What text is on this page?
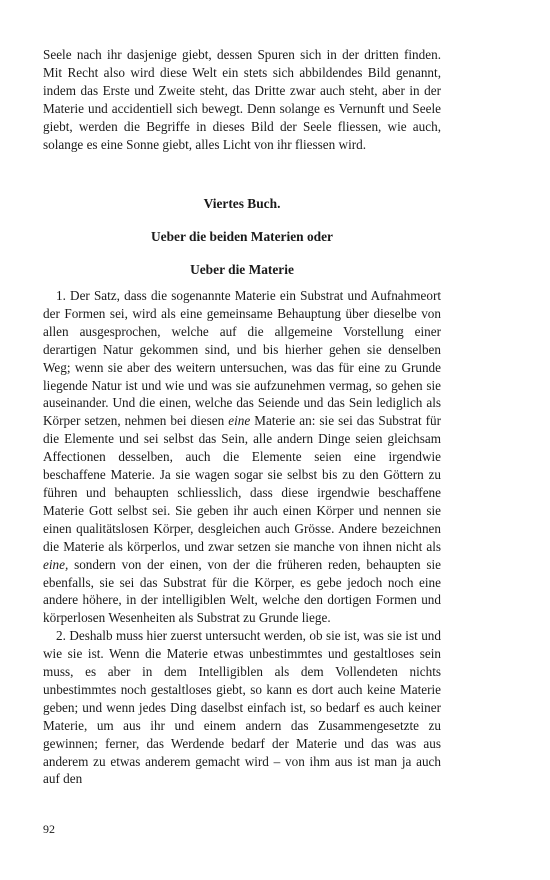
Seele nach ihr dasjenige giebt, dessen Spuren sich in der dritten finden. Mit Recht also wird diese Welt ein stets sich abbildendes Bild genannt, indem das Erste und Zweite steht, das Dritte zwar auch steht, aber in der Materie und accidentiell sich bewegt. Denn solange es Vernunft und Seele giebt, werden die Begriffe in dieses Bild der Seele fliessen, wie auch, solange es eine Sonne giebt, alles Licht von ihr fliessen wird.

Viertes Buch.

Ueber die beiden Materien oder

Ueber die Materie

1. Der Satz, dass die sogenannte Materie ein Substrat und Aufnahmeort der Formen sei, wird als eine gemeinsame Behauptung über dieselbe von allen ausgesprochen, welche auf die allgemeine Vorstellung einer derartigen Natur gekommen sind, und bis hierher gehen sie denselben Weg; wenn sie aber des weitern untersuchen, was das für eine zu Grunde liegende Natur ist und wie und was sie aufzunehmen vermag, so gehen sie auseinander. Und die einen, welche das Seiende und das Sein lediglich als Körper setzen, nehmen bei diesen eine Materie an: sie sei das Substrat für die Elemente und sei selbst das Sein, alle andern Dinge seien gleichsam Affectionen desselben, auch die Elemente seien eine irgendwie beschaffene Materie. Ja sie wagen sogar sie selbst bis zu den Göttern zu führen und behaupten schliesslich, dass diese irgendwie beschaffene Materie Gott selbst sei. Sie geben ihr auch einen Körper und nennen sie einen qualitätslosen Körper, desgleichen auch Grösse. Andere bezeichnen die Materie als körperlos, und zwar setzen sie manche von ihnen nicht als eine, sondern von der einen, von der die früheren reden, behaupten sie ebenfalls, sie sei das Substrat für die Körper, es gebe jedoch noch eine andere höhere, in der intelligiblen Welt, welche den dortigen Formen und körperlosen Wesenheiten als Substrat zu Grunde liege.

2. Deshalb muss hier zuerst untersucht werden, ob sie ist, was sie ist und wie sie ist. Wenn die Materie etwas unbestimmtes und gestaltloses sein muss, es aber in dem Intelligiblen als dem Vollendeten nichts unbestimmtes noch gestaltloses giebt, so kann es dort auch keine Materie geben; und wenn jedes Ding daselbst einfach ist, so bedarf es auch keiner Materie, um aus ihr und einem andern das Zusammengesetzte zu gewinnen; ferner, das Werdende bedarf der Materie und das was aus anderem zu etwas anderem gemacht wird – von ihm aus ist man ja auch auf den

92
